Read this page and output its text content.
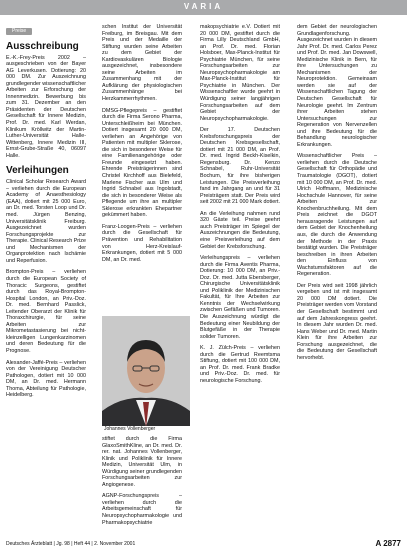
VARIA
Preise
Ausschreibung

E.-K.-Frey-Preis 2002 – ausgeschrieben von der Bayer AG Leverkusen. Dotierung: 20 000 DM. Zur Auszeichnung grundlegender wissenschaftlicher Arbeiten zur Erforschung der Innenmedizin. Bewerbung bis zum 31. Dezember an den Präsidenten der Deutschen Gesellschaft für Innere Medizin, Prof. Dr. med. Karl Werdan, Klinikum Kröllwitz der Martin-Luther-Universität Halle-Wittenberg, Innere Medizin III, Ernst-Grube-Straße 40, 06097 Halle.

Verleihungen

Clinical Scholar Research Award – verliehen durch die European Academy of Anaesthesiology (EAA), dotiert mit 25 000 Euro, an Dr. med. Torsten Loop und Dr. med. Jürgen Benzing, Universitätsklinik Freiburg. Ausgezeichnet wurden Forschungsprojekte zur Therapie. Clinical Research Prize und Mechanismen der Organprotektion nach Ischämie und Reperfusion.

Brompton-Preis – verliehen durch die European Society of Thoracic Surgeons, gestiftet durch das Royal-Brompton-Hospital London, an Priv.-Doz. Dr. med. Bernhard Passlick, Leitender Oberarzt der Klinik für Thoraxchirurgie, für seine Arbeiten zur Mikrometastasierung bei nicht-kleinzelligen Lungenkarzinomen und deren Bedeutung für die Prognose.

Alexander-Jaffé-Preis – verliehen von der Vereinigung Deutscher Pathologen, dotiert mit 10 000 DM, an Dr. med. Hermann Thoma, Abteilung für Pathologie, Heidelberg.

schen Institut der Universität Freiburg, im Breisgau. Mit dem Preis und der Medaille der Stiftung wurden seine Arbeiten zu dem Gebiet der Kardiovaskulären Biologie ausgezeichnet, insbesondere seine Arbeiten im Zusammenhang mit der Aufklärung der physiologischen Zusammenhänge bei Herzkammerrhythmen.

DMSG-Pflegepreis – gestiftet durch die Firma Serono Pharma, Unterschleißheim bei München. Dotiert insgesamt 20 000 DM, verliehen an Angehörige von Patienten mit multipler Sklerose, die sich in besonderer Weise für eine Familienangehörige oder Freunde eingesetzt haben. Ehrende Preisträgerinnen sind Christel Kirchhoff aus Bielefeld, Marlene Fischer aus Ulm und Ingrid Schnabel aus Ingolstadt, die sich in besonderer Weise als Pflegende um ihre an multipler Sklerose erkrankten Ehepartner gekümmert haben.

Franz-Loogen-Preis – verliehen durch die Gesellschaft für Prävention und Rehabilitation von Herz-Kreislauf-Erkrankungen, dotiert mit 5 000 DM, an Dr. med.

Johannes Vollenberger

stiftet durch die Firma GlaxoSmithKline, an Dr. med. Dr. rer. nat. Johannes Vollenberger, Klinik und Poliklinik für Innere Medizin, Universität Ulm, in Würdigung seiner grundlegenden Forschungsarbeiten zur Angiogenese.

AGNP-Forschungspreis – verliehen durch die Arbeitsgemeinschaft für Neuropsychopharmakologie und Pharmakopsychiatrie

makopsychiatrie e.V. Dotiert mit 20 000 DM, gestiftet durch die Firma Lilly Deutschland GmbH, an Prof. Dr. med. Florian Holsboer, Max-Planck-Institut für Psychiatrie München, für seine Forschungsarbeiten zur Neuropsychopharmakologie am Max-Planck-Institut für Psychiatrie in München. Der Wissenschaftler wurde geehrt in Würdigung seiner langjährigen Forschungsarbeiten auf dem Gebiet der Neuropsychopharmakologie.

Der 17. Deutschen Krebsforschungspreis der Deutschen Krebsgesellschaft, dotiert mit 21 000 DM, an Prof. Dr. med. Ingrid Beckh-Kiselkin, Regensburg. Dr. Kenzo Schnabel, Ruhr-Universität Bochum, für ihre bisherigen Leistungen. Die Preisverleihung fand im Jahrgang an und für 31 Preisträgern statt. Der Preis wird seit 2002 mit 21 000 Mark dotiert.

An die Verleihung nahmen rund 320 Gäste teil. Preise geehrt auch Preisträger im Spiegel der Auszeichnungen die Bedeutung, eine Preisverleihung auf dem Gebiet der Krebsforschung.

Verleihungspreis – verliehen durch die Firma Aventis Pharma, Dotierung: 10 000 DM, an Priv.-Doz. Dr. med. Jutta Ebersberger, Chirurgische Universitätsklinik und Poliklinik der Medizinischen Fakultät, für Ihre Arbeiten zur Kenntnis der Wechselwirkung zwischen Gefäßen und Tumoren. Die Auszeichnung würdigt die Bedeutung einer Neubildung der Blutgefäße in der Therapie solider Tumoren.

K. J. Zülch-Preis – verliehen durch die Gertrud Reemtsma Stiftung, dotiert mit 100 000 DM, an Prof. Dr. med. Frank Bradke und Priv.-Doz. Dr. med. für neurologische Forschung.

dem Gebiet der neurologischen Grundlagenforschung. Ausgezeichnet wurden in diesem Jahr Prof. Dr. med. Carlos Perez und Prof. Dr. med. Jan Dowswell, Medizinische Klinik in Bern, für ihre Untersuchungen zu Mechanismen der Neuroprotektion. Gemeinsam werden sie auf der Wissenschaftlichen Tagung der Deutschen Gesellschaft für Neurologie geehrt. Im Zentrum ihrer Arbeiten stehen Untersuchungen zur Regeneration von Nervenzellen und ihre Bedeutung für die Behandlung neurologischer Erkrankungen.

Wissenschaftlicher Preis – verliehen durch die Deutsche Gesellschaft für Orthopädie und Traumatologie (DGOT), dotiert mit 10 000 DM, an Prof. Dr. med. Ulrich Hoffmann, Medizinische Hochschule Hannover, für seine Arbeiten zur Knochenbruchheilung. Mit dem Preis zeichnet die DGOT herausragende Leistungen auf dem Gebiet der Knochenheilung aus, die durch die Anwendung der Methode in der Praxis bestätigt wurden. Die Preisträger beschreiben in ihren Arbeiten den Einfluss von Wachstumsfaktoren auf die Regeneration.

Der Preis wird seit 1998 jährlich vergeben und ist mit insgesamt 20 000 DM dotiert. Die Preisträger werden vom Vorstand der Gesellschaft bestimmt und auf dem Jahreskongress geehrt. In diesem Jahr wurden Dr. med. Hans Weber und Dr. med. Martin Klein für ihre Arbeiten zur Forschung ausgezeichnet, die die Bedeutung der Gesellschaft hervorhebt.

Deutsches Ärzteblatt | Jg. 98 | Heft 44 | 2. November 2001	A 2877
